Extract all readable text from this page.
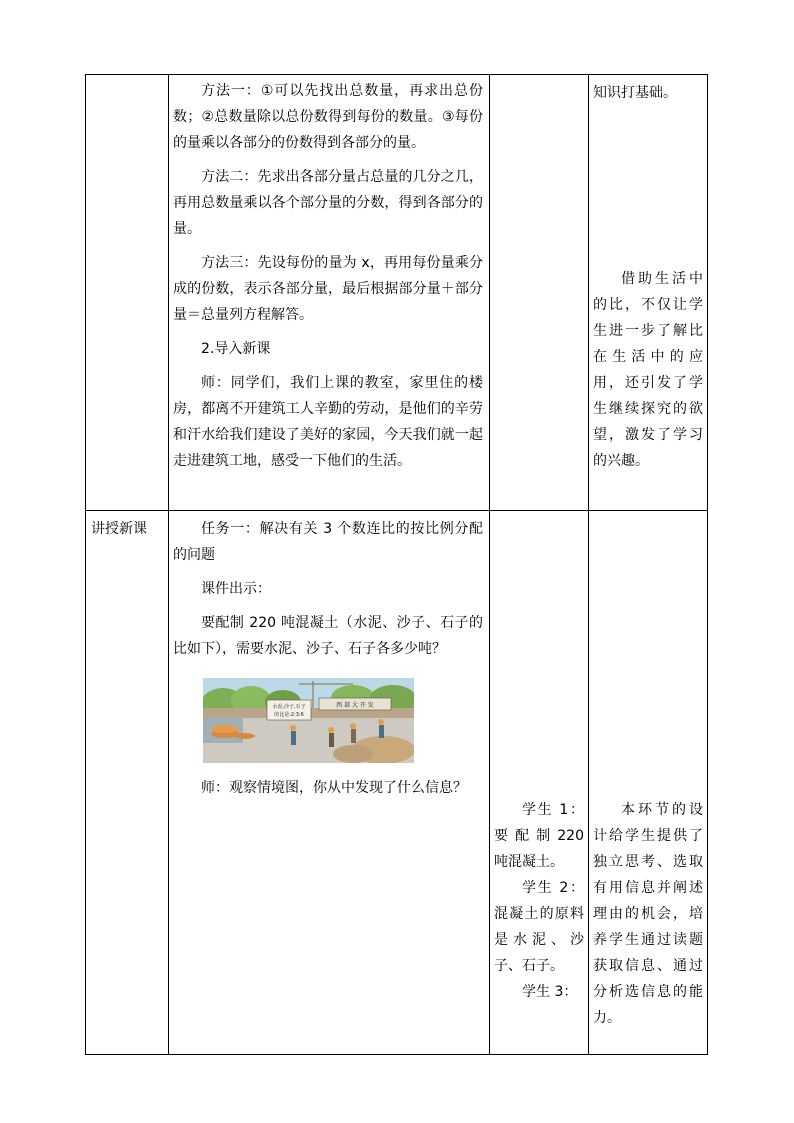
方法一：①可以先找出总数量，再求出总份数；②总数量除以总份数得到每份的数量。③每份的量乘以各部分的份数得到各部分的量。

方法二：先求出各部分量占总量的几分之几，再用总数量乘以各个部分量的分数，得到各部分的量。

方法三：先设每份的量为 x，再用每份量乘分成的份数，表示各部分量，最后根据部分量＋部分量＝总量列方程解答。

2.导入新课

师：同学们，我们上课的教室，家里住的楼房，都离不开建筑工人辛勤的劳动，是他们的辛劳和汗水给我们建设了美好的家园，今天我们就一起走进建筑工地，感受一下他们的生活。

知识打基础。

借助生活中的比，不仅让学生进一步了解比在生活中的应用，还引发了学生继续探究的欲望，激发了学习的兴趣。

讲授新课	任务一：解决有关 3 个数连比的按比例分配的问题

课件出示：

要配制 220 吨混凝土（水泥、沙子、石子的比如下），需要水泥、沙子、石子各多少吨？

水泥,沙子,石子
的比是:2:3:6
西 部 大 开 发

师：观察情境图，你从中发现了什么信息？

学生 1：要 配 制 220吨混凝土。

学生 2：混凝土的原料是水泥、沙子、石子。

学生 3：

本环节的设计给学生提供了独立思考、选取有用信息并阐述理由的机会，培养学生通过读题获取信息、通过分析选信息的能力。
